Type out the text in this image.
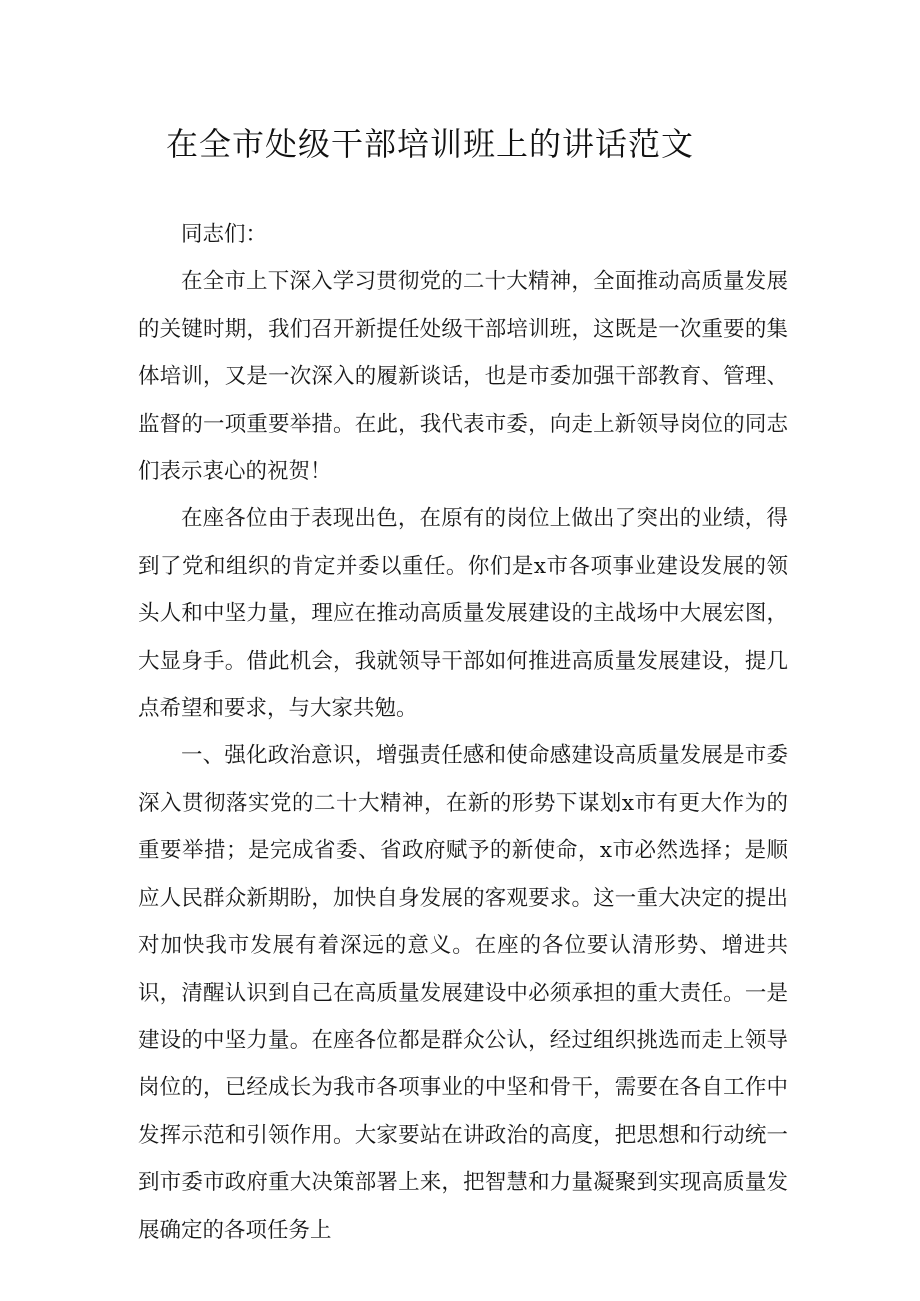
在全市处级干部培训班上的讲话范文

同志们：

在全市上下深入学习贯彻党的二十大精神，全面推动高质量发展的关键时期，我们召开新提任处级干部培训班，这既是一次重要的集体培训，又是一次深入的履新谈话，也是市委加强干部教育、管理、监督的一项重要举措。在此，我代表市委，向走上新领导岗位的同志们表示衷心的祝贺！

在座各位由于表现出色，在原有的岗位上做出了突出的业绩，得到了党和组织的肯定并委以重任。你们是x市各项事业建设发展的领头人和中坚力量，理应在推动高质量发展建设的主战场中大展宏图，大显身手。借此机会，我就领导干部如何推进高质量发展建设，提几点希望和要求，与大家共勉。

一、强化政治意识，增强责任感和使命感建设高质量发展是市委深入贯彻落实党的二十大精神，在新的形势下谋划x市有更大作为的重要举措；是完成省委、省政府赋予的新使命，x市必然选择；是顺应人民群众新期盼，加快自身发展的客观要求。这一重大决定的提出对加快我市发展有着深远的意义。在座的各位要认清形势、增进共识，清醒认识到自己在高质量发展建设中必须承担的重大责任。一是建设的中坚力量。在座各位都是群众公认，经过组织挑选而走上领导岗位的，已经成长为我市各项事业的中坚和骨干，需要在各自工作中发挥示范和引领作用。大家要站在讲政治的高度，把思想和行动统一到市委市政府重大决策部署上来，把智慧和力量凝聚到实现高质量发展确定的各项任务上
